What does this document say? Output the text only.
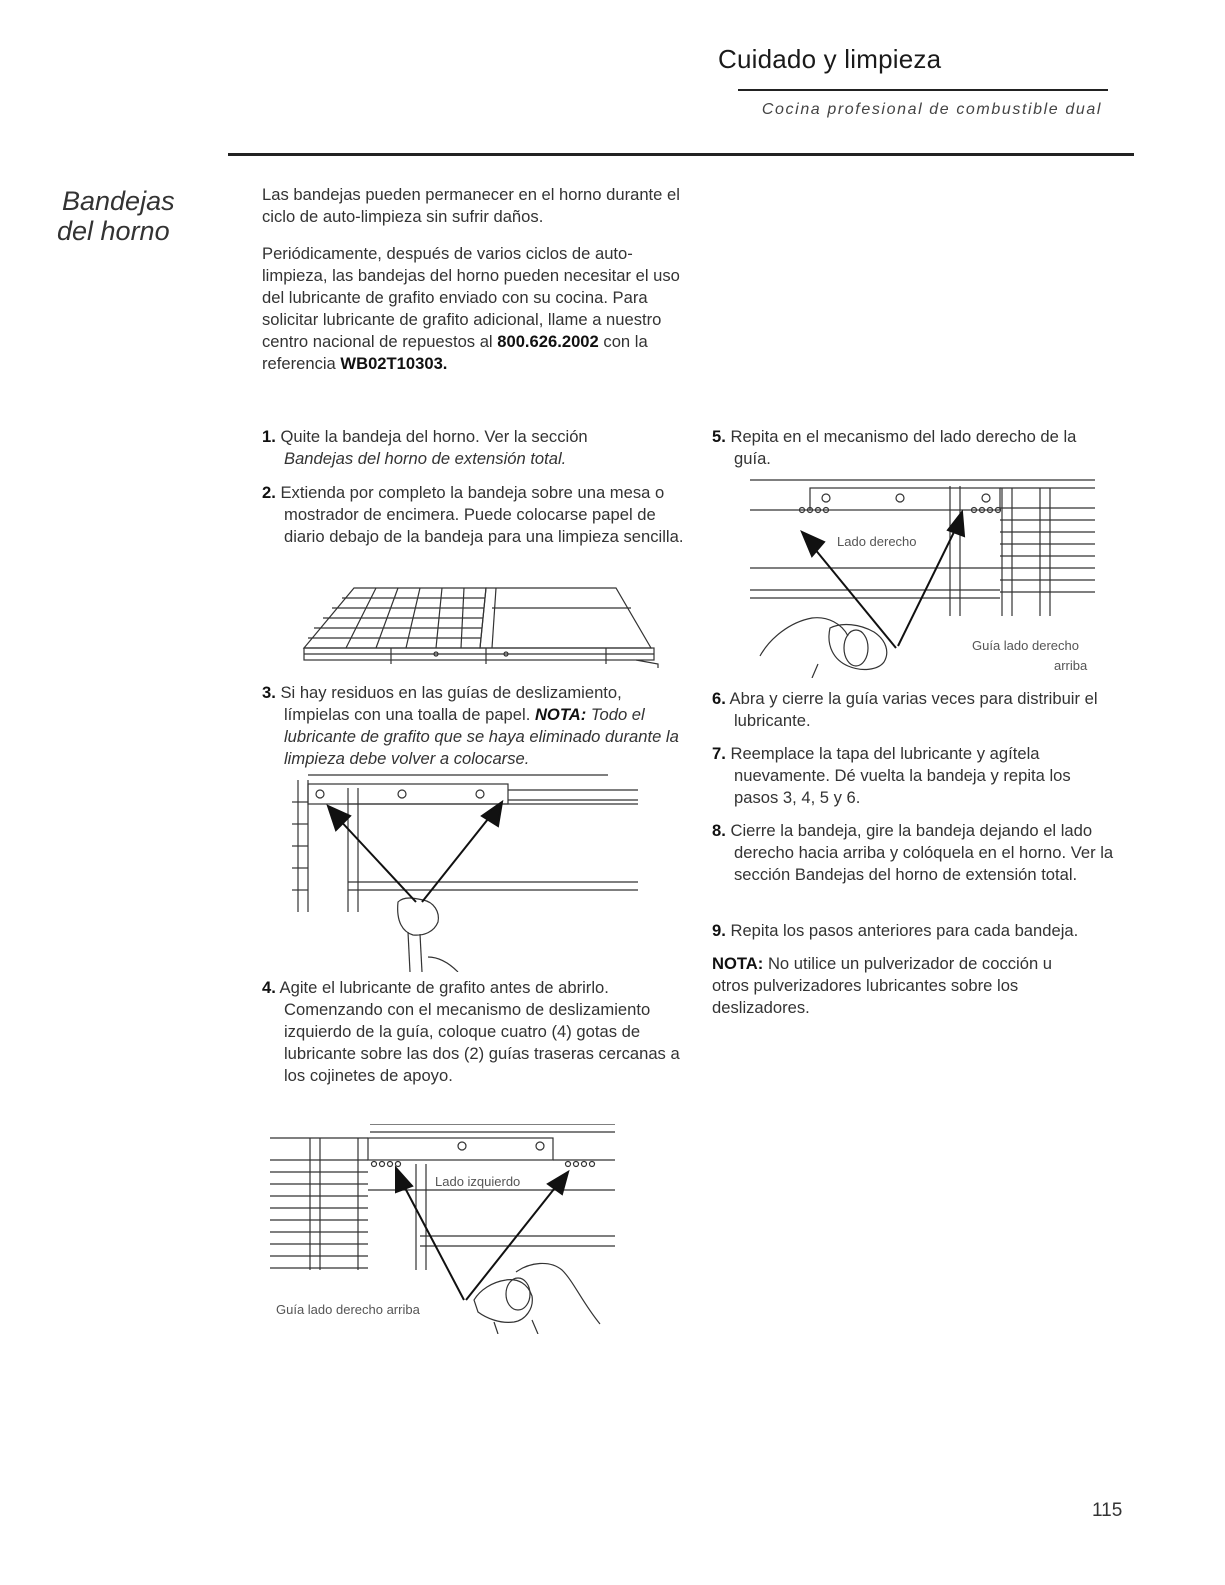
Cuidado y limpieza
Cocina profesional de combustible dual
Bandejas
del horno

Las bandejas pueden permanecer en el horno durante el ciclo de auto-limpieza sin sufrir daños.

Periódicamente, después de varios ciclos de auto-limpieza, las bandejas del horno pueden necesitar el uso del lubricante de grafito enviado con su cocina. Para solicitar lubricante de grafito adicional, llame a nuestro centro nacional de repuestos al 800.626.2002 con la referencia WB02T10303.

1. Quite la bandeja del horno. Ver la sección
Bandejas del horno de extensión total.

2. Extienda por completo la bandeja sobre una mesa o mostrador de encimera. Puede colocarse papel de diario debajo de la bandeja para una limpieza sencilla.

3. Si hay residuos en las guías de deslizamiento, límpielas con una toalla de papel. NOTA: Todo el lubricante de grafito que se haya eliminado durante la limpieza debe volver a colocarse.

4. Agite el lubricante de grafito antes de abrirlo. Comenzando con el mecanismo de deslizamiento izquierdo de la guía, coloque cuatro (4) gotas de lubricante sobre las dos (2) guías traseras cercanas a los cojinetes de apoyo.

Lado izquierdo
Guía lado derecho arriba

5. Repita en el mecanismo del lado derecho de la guía.

Lado derecho
Guía lado derecho
arriba

6. Abra y cierre la guía varias veces para distribuir el lubricante.

7. Reemplace la tapa del lubricante y agítela nuevamente. Dé vuelta la bandeja y repita los pasos 3, 4, 5 y 6.

8. Cierre la bandeja, gire la bandeja dejando el lado derecho hacia arriba y colóquela en el horno. Ver la sección Bandejas del horno de extensión total.

9. Repita los pasos anteriores para cada bandeja.

NOTA: No utilice un pulverizador de cocción u otros pulverizadores lubricantes sobre los deslizadores.

115
